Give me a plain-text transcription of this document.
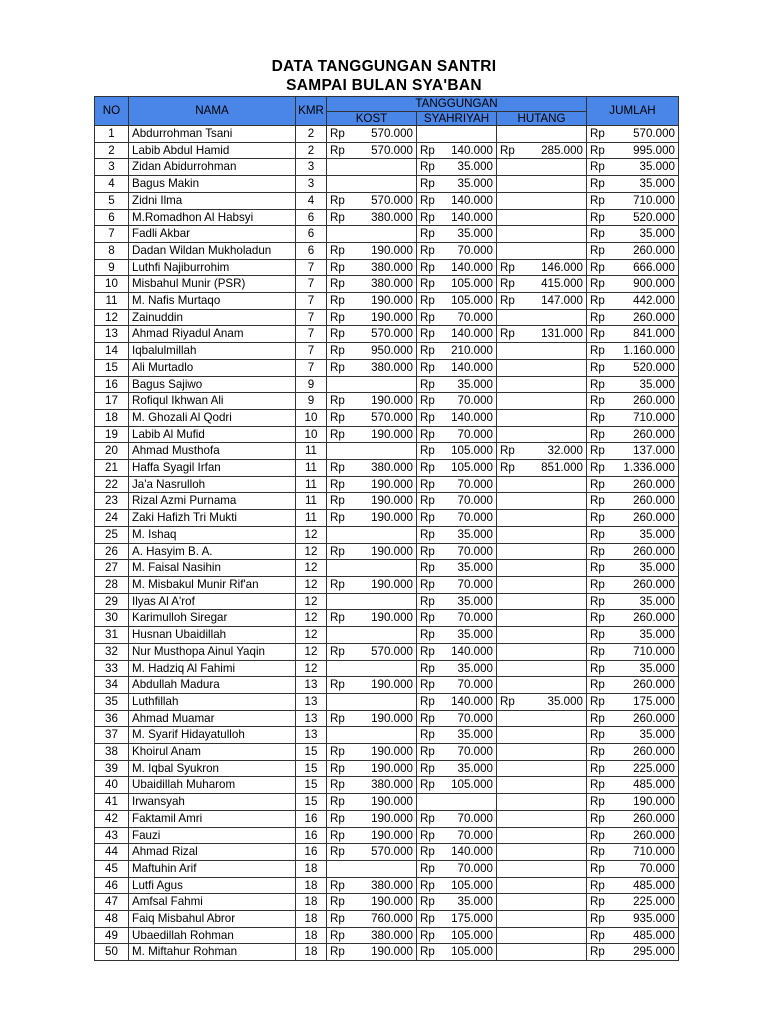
DATA TANGGUNGAN SANTRI
SAMPAI BULAN SYA'BAN
NO	NAMA	KMR	TANGGUNGAN			JUMLAH
			KOST	SYAHRIYAH	HUTANG	
1	Abdurrohman Tsani	2	Rp 570.000			Rp 570.000

2	Labib Abdul Hamid	2	Rp 570.000	Rp 140.000	Rp 285.000	Rp 995.000

3	Zidan Abidurrohman	3		Rp 35.000		Rp 35.000

4	Bagus Makin	3		Rp 35.000		Rp 35.000

5	Zidni Ilma	4	Rp 570.000	Rp 140.000		Rp 710.000

6	M.Romadhon Al Habsyi	6	Rp 380.000	Rp 140.000		Rp 520.000

7	Fadli Akbar	6		Rp 35.000		Rp 35.000

8	Dadan Wildan Mukholadun	6	Rp 190.000	Rp 70.000		Rp 260.000

9	Luthfi Najiburrohim	7	Rp 380.000	Rp 140.000	Rp 146.000	Rp 666.000

10	Misbahul Munir (PSR)	7	Rp 380.000	Rp 105.000	Rp 415.000	Rp 900.000

11	M. Nafis Murtaqo	7	Rp 190.000	Rp 105.000	Rp 147.000	Rp 442.000

12	Zainuddin	7	Rp 190.000	Rp 70.000		Rp 260.000

13	Ahmad Riyadul Anam	7	Rp 570.000	Rp 140.000	Rp 131.000	Rp 841.000

14	Iqbalulmillah	7	Rp 950.000	Rp 210.000		Rp 1.160.000

15	Ali Murtadlo	7	Rp 380.000	Rp 140.000		Rp 520.000

16	Bagus Sajiwo	9		Rp 35.000		Rp 35.000

17	Rofiqul Ikhwan Ali	9	Rp 190.000	Rp 70.000		Rp 260.000

18	M. Ghozali Al Qodri	10	Rp 570.000	Rp 140.000		Rp 710.000

19	Labib Al Mufid	10	Rp 190.000	Rp 70.000		Rp 260.000

20	Ahmad Musthofa	11		Rp 105.000	Rp 32.000	Rp 137.000

21	Haffa Syagil Irfan	11	Rp 380.000	Rp 105.000	Rp 851.000	Rp 1.336.000

22	Ja'a Nasrulloh	11	Rp 190.000	Rp 70.000		Rp 260.000

23	Rizal Azmi Purnama	11	Rp 190.000	Rp 70.000		Rp 260.000

24	Zaki Hafizh Tri Mukti	11	Rp 190.000	Rp 70.000		Rp 260.000

25	M. Ishaq	12		Rp 35.000		Rp 35.000

26	A. Hasyim B. A.	12	Rp 190.000	Rp 70.000		Rp 260.000

27	M. Faisal Nasihin	12		Rp 35.000		Rp 35.000

28	M. Misbakul Munir Rif'an	12	Rp 190.000	Rp 70.000		Rp 260.000

29	Ilyas Al A'rof	12		Rp 35.000		Rp 35.000

30	Karimulloh Siregar	12	Rp 190.000	Rp 70.000		Rp 260.000

31	Husnan Ubaidillah	12		Rp 35.000		Rp 35.000

32	Nur Musthopa Ainul Yaqin	12	Rp 570.000	Rp 140.000		Rp 710.000

33	M. Hadziq Al Fahimi	12		Rp 35.000		Rp 35.000

34	Abdullah Madura	13	Rp 190.000	Rp 70.000		Rp 260.000

35	Luthfillah	13		Rp 140.000	Rp 35.000	Rp 175.000

36	Ahmad Muamar	13	Rp 190.000	Rp 70.000		Rp 260.000

37	M. Syarif Hidayatulloh	13		Rp 35.000		Rp 35.000

38	Khoirul Anam	15	Rp 190.000	Rp 70.000		Rp 260.000

39	M. Iqbal Syukron	15	Rp 190.000	Rp 35.000		Rp 225.000

40	Ubaidillah Muharom	15	Rp 380.000	Rp 105.000		Rp 485.000

41	Irwansyah	15	Rp 190.000			Rp 190.000

42	Faktamil Amri	16	Rp 190.000	Rp 70.000		Rp 260.000

43	Fauzi	16	Rp 190.000	Rp 70.000		Rp 260.000

44	Ahmad Rizal	16	Rp 570.000	Rp 140.000		Rp 710.000

45	Maftuhin Arif	18		Rp 70.000		Rp 70.000

46	Lutfi Agus	18	Rp 380.000	Rp 105.000		Rp 485.000

47	Amfsal Fahmi	18	Rp 190.000	Rp 35.000		Rp 225.000

48	Faiq Misbahul Abror	18	Rp 760.000	Rp 175.000		Rp 935.000

49	Ubaedillah Rohman	18	Rp 380.000	Rp 105.000		Rp 485.000

50	M. Miftahur Rohman	18	Rp 190.000	Rp 105.000		Rp 295.000
